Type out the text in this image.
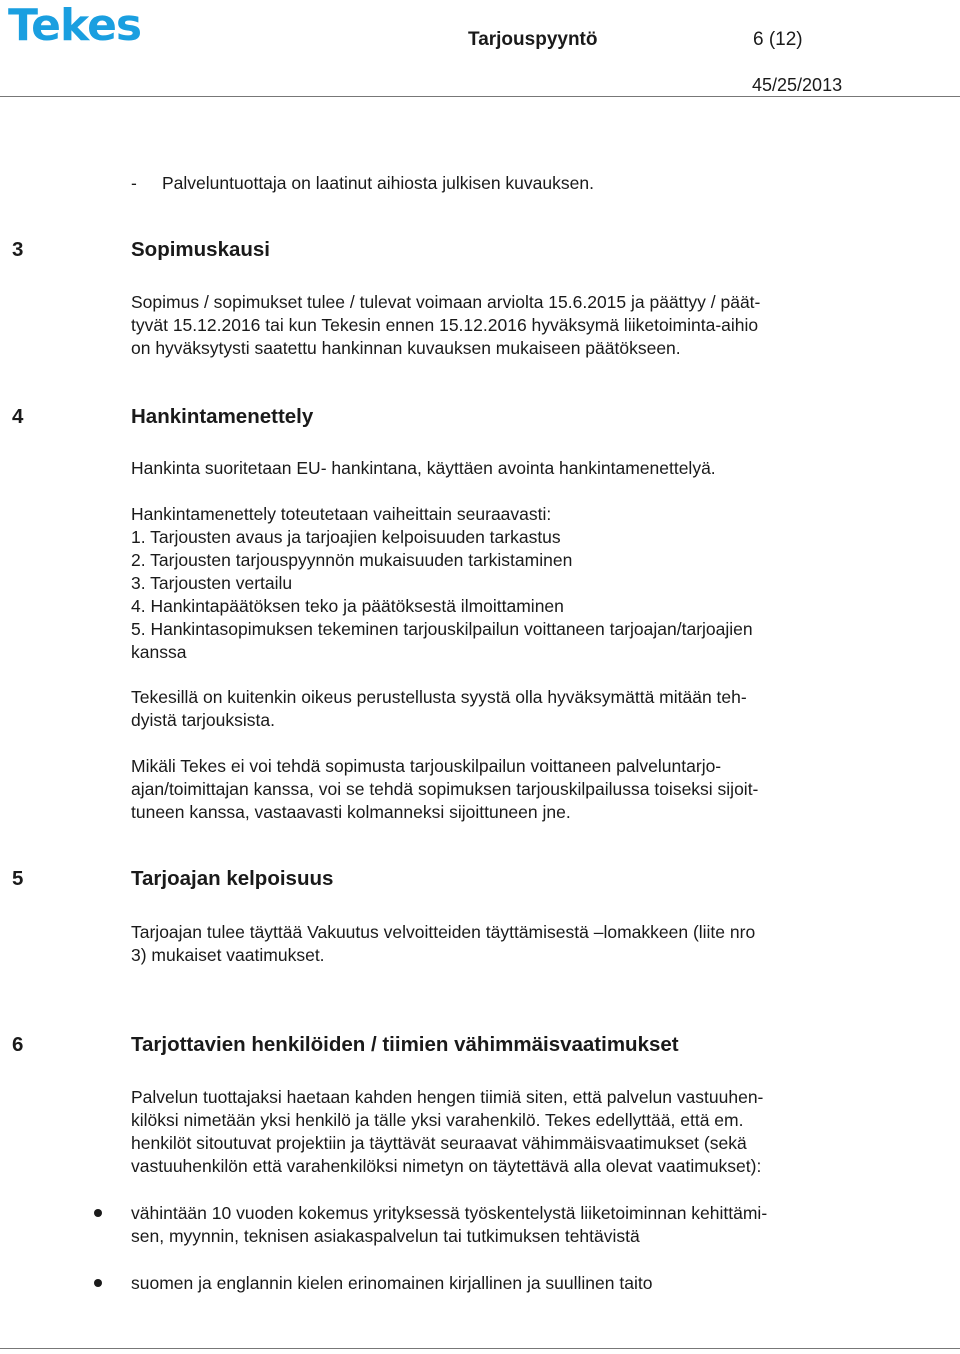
Tekes	Tarjouspyyntö	6 (12)
45/25/2013
- Palveluntuottaja on laatinut aihiosta julkisen kuvauksen.
3	Sopimuskausi
Sopimus / sopimukset tulee / tulevat voimaan arviolta 15.6.2015 ja päättyy / päät-
tyvät 15.12.2016 tai kun Tekesin ennen 15.12.2016 hyväksymä liiketoiminta-aihio
on hyväksytysti saatettu hankinnan kuvauksen mukaiseen päätökseen.
4	Hankintamenettely
Hankinta suoritetaan EU- hankintana, käyttäen avointa hankintamenettelyä.
Hankintamenettely toteutetaan vaiheittain seuraavasti:
1. Tarjousten avaus ja tarjoajien kelpoisuuden tarkastus
2. Tarjousten tarjouspyynnön mukaisuuden tarkistaminen
3. Tarjousten vertailu
4. Hankintapäätöksen teko ja päätöksestä ilmoittaminen
5. Hankintasopimuksen tekeminen tarjouskilpailun voittaneen tarjoajan/tarjoajien
kanssa
Tekesillä on kuitenkin oikeus perustellusta syystä olla hyväksymättä mitään teh-
dyistä tarjouksista.
Mikäli Tekes ei voi tehdä sopimusta tarjouskilpailun voittaneen palveluntarjo-
ajan/toimittajan kanssa, voi se tehdä sopimuksen tarjouskilpailussa toiseksi sijoit-
tuneen kanssa, vastaavasti kolmanneksi sijoittuneen jne.
5	Tarjoajan kelpoisuus
Tarjoajan tulee täyttää Vakuutus velvoitteiden täyttämisestä –lomakkeen (liite nro
3) mukaiset vaatimukset.
6	Tarjottavien henkilöiden / tiimien vähimmäisvaatimukset
Palvelun tuottajaksi haetaan kahden hengen tiimiä siten, että palvelun vastuuhen-
kilöksi nimetään yksi henkilö ja tälle yksi varahenkilö. Tekes edellyttää, että em.
henkilöt sitoutuvat projektiin ja täyttävät seuraavat vähimmäisvaatimukset (sekä
vastuuhenkilön että varahenkilöksi nimetyn on täytettävä alla olevat vaatimukset):
vähintään 10 vuoden kokemus yrityksessä työskentelystä liiketoiminnan kehittämi-
sen, myynnin, teknisen asiakaspalvelun tai tutkimuksen tehtävistä
suomen ja englannin kielen erinomainen kirjallinen ja suullinen taito
